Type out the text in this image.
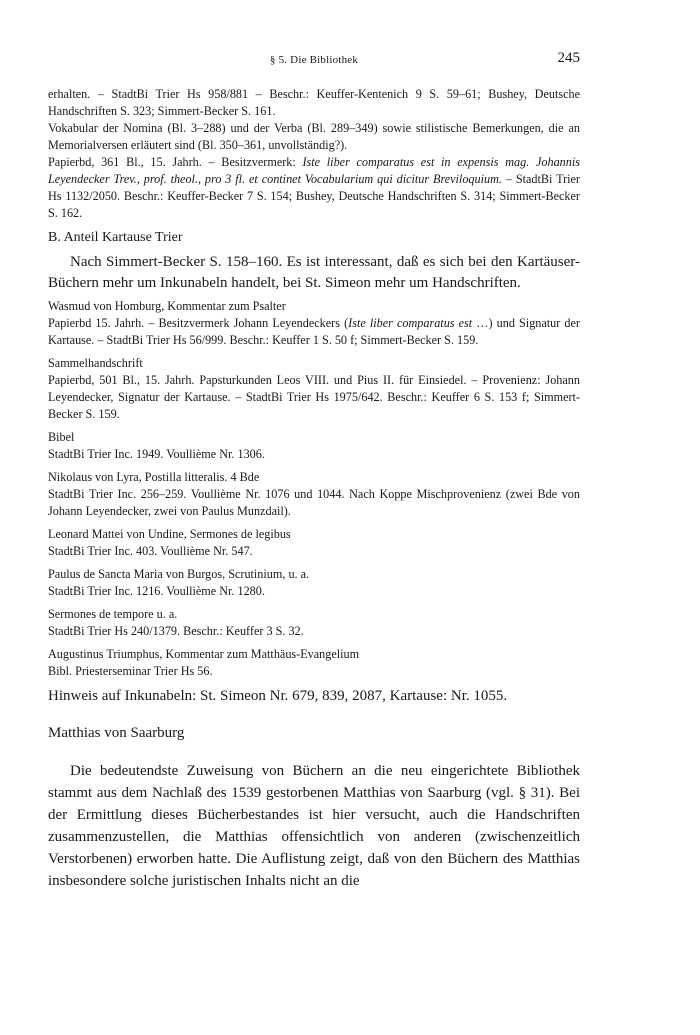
§ 5. Die Bibliothek	245

erhalten. – StadtBi Trier Hs 958/881 – Beschr.: Keuffer-Kentenich 9 S. 59–61; Bushey, Deutsche Handschriften S. 323; Simmert-Becker S. 161.

Vokabular der Nomina (Bl. 3–288) und der Verba (Bl. 289–349) sowie stilistische Bemerkungen, die an Memorialversen erläutert sind (Bl. 350–361, unvollständig?).

Papierbd, 361 Bl., 15. Jahrh. – Besitzvermerk: Iste liber comparatus est in expensis mag. Johannis Leyendecker Trev., prof. theol., pro 3 fl. et continet Vocabularium qui dicitur Breviloquium. – StadtBi Trier Hs 1132/2050. Beschr.: Keuffer-Becker 7 S. 154; Bushey, Deutsche Handschriften S. 314; Simmert-Becker S. 162.

B. Anteil Kartause Trier

Nach Simmert-Becker S. 158–160. Es ist interessant, daß es sich bei den Kartäuser-Büchern mehr um Inkunabeln handelt, bei St. Simeon mehr um Handschriften.

Wasmud von Homburg, Kommentar zum Psalter
Papierbd 15. Jahrh. – Besitzvermerk Johann Leyendeckers (Iste liber comparatus est …) und Signatur der Kartause. – StadtBi Trier Hs 56/999. Beschr.: Keuffer 1 S. 50 f; Simmert-Becker S. 159.
Sammelhandschrift
Papierbd, 501 Bl., 15. Jahrh. Papsturkunden Leos VIII. und Pius II. für Einsiedel. – Provenienz: Johann Leyendecker, Signatur der Kartause. – StadtBi Trier Hs 1975/642. Beschr.: Keuffer 6 S. 153 f; Simmert-Becker S. 159.
Bibel
StadtBi Trier Inc. 1949. Voullième Nr. 1306.
Nikolaus von Lyra, Postilla litteralis. 4 Bde
StadtBi Trier Inc. 256–259. Voullième Nr. 1076 und 1044. Nach Koppe Mischprovenienz (zwei Bde von Johann Leyendecker, zwei von Paulus Munzdail).
Leonard Mattei von Undine, Sermones de legibus
StadtBi Trier Inc. 403. Voullième Nr. 547.
Paulus de Sancta Maria von Burgos, Scrutinium, u. a.
StadtBi Trier Inc. 1216. Voullième Nr. 1280.
Sermones de tempore u. a.
StadtBi Trier Hs 240/1379. Beschr.: Keuffer 3 S. 32.
Augustinus Triumphus, Kommentar zum Matthäus-Evangelium
Bibl. Priesterseminar Trier Hs 56.

Hinweis auf Inkunabeln: St. Simeon Nr. 679, 839, 2087, Kartause: Nr. 1055.

Matthias von Saarburg

Die bedeutendste Zuweisung von Büchern an die neu eingerichtete Bibliothek stammt aus dem Nachlaß des 1539 gestorbenen Matthias von Saarburg (vgl. § 31). Bei der Ermittlung dieses Bücherbestandes ist hier versucht, auch die Handschriften zusammenzustellen, die Matthias offensichtlich von anderen (zwischenzeitlich Verstorbenen) erworben hatte. Die Auflistung zeigt, daß von den Büchern des Matthias insbesondere solche juristischen Inhalts nicht an die
